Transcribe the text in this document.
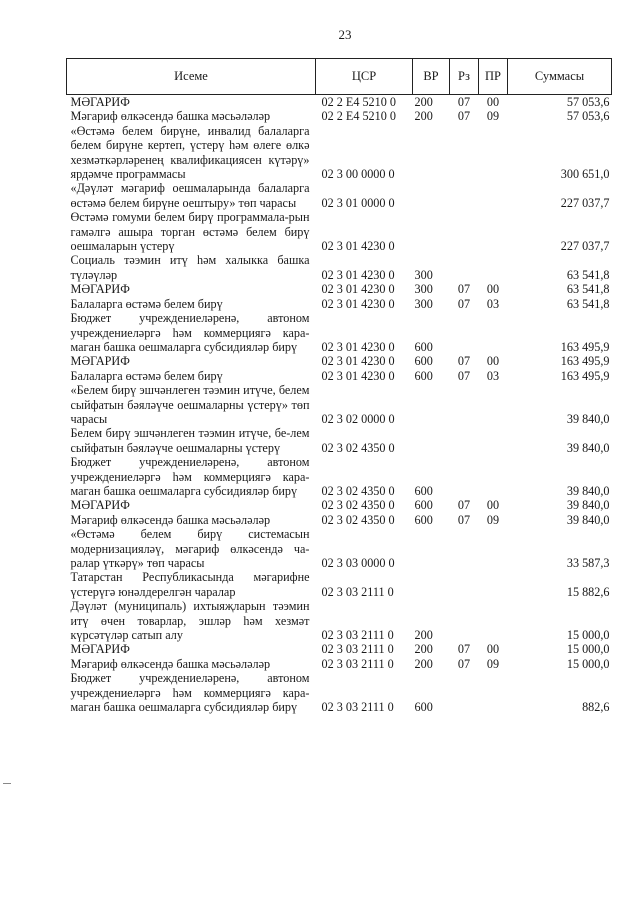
23
Исеме	ЦСР	ВР	Рз	ПР	Суммасы
МӘГАРИФ	02 2 Е4 5210 0	200	07	00	57 053,6
Мәгариф өлкәсендә башка мәсьәләләр	02 2 Е4 5210 0	200	07	09	57 053,6
«Өстәмә белем бирүне, инвалид балаларга белем бирүне кертеп, үстерү һәм өлеге өлкә хезмәткәрләренең квалификациясен күтәрү» ярдәмче программасы	02 3 00 0000 0				300 651,0
«Дәүләт мәгариф оешмаларында балаларга өстәмә белем бирүне оештыру» төп чарасы	02 3 01 0000 0				227 037,7
Өстәмә гомуми белем бирү программала-рын гамәлгә ашыра торган өстәмә белем бирү оешмаларын үстерү	02 3 01 4230 0				227 037,7
Социаль тәэмин итү һәм халыкка башка түләүләр	02 3 01 4230 0	300			63 541,8
МӘГАРИФ	02 3 01 4230 0	300	07	00	63 541,8
Балаларга өстәмә белем бирү	02 3 01 4230 0	300	07	03	63 541,8
Бюджет учреждениеләренә, автоном учреждениеләргә һәм коммерциягә кара-маган башка оешмаларга субсидияләр бирү	02 3 01 4230 0	600			163 495,9
МӘГАРИФ	02 3 01 4230 0	600	07	00	163 495,9
Балаларга өстәмә белем бирү	02 3 01 4230 0	600	07	03	163 495,9
«Белем бирү эшчәнлеген тәэмин итүче, белем сыйфатын бәяләүче оешмаларны үстерү» төп чарасы	02 3 02 0000 0				39 840,0
Белем бирү эшчәнлеген тәэмин итүче, бе-лем сыйфатын бәяләүче оешмаларны үстерү	02 3 02 4350 0				39 840,0
Бюджет учреждениеләренә, автоном учреждениеләргә һәм коммерциягә кара-маган башка оешмаларга субсидияләр бирү	02 3 02 4350 0	600			39 840,0
МӘГАРИФ	02 3 02 4350 0	600	07	00	39 840,0
Мәгариф өлкәсендә башка мәсьәләләр	02 3 02 4350 0	600	07	09	39 840,0
«Өстәмә белем бирү системасын модернизацияләү, мәгариф өлкәсендә ча-ралар үткәрү» төп чарасы	02 3 03 0000 0				33 587,3
Татарстан Республикасында мәгарифне үстерүгә юнәлдерелгән чаралар	02 3 03 2111 0				15 882,6
Дәүләт (муниципаль) ихтыяҗларын тәэмин итү өчен товарлар, эшләр һәм хезмәт күрсәтүләр сатып алу	02 3 03 2111 0	200			15 000,0
МӘГАРИФ	02 3 03 2111 0	200	07	00	15 000,0
Мәгариф өлкәсендә башка мәсьәләләр	02 3 03 2111 0	200	07	09	15 000,0
Бюджет учреждениеләренә, автоном учреждениеләргә һәм коммерциягә кара-маган башка оешмаларга субсидияләр бирү	02 3 03 2111 0	600			882,6
